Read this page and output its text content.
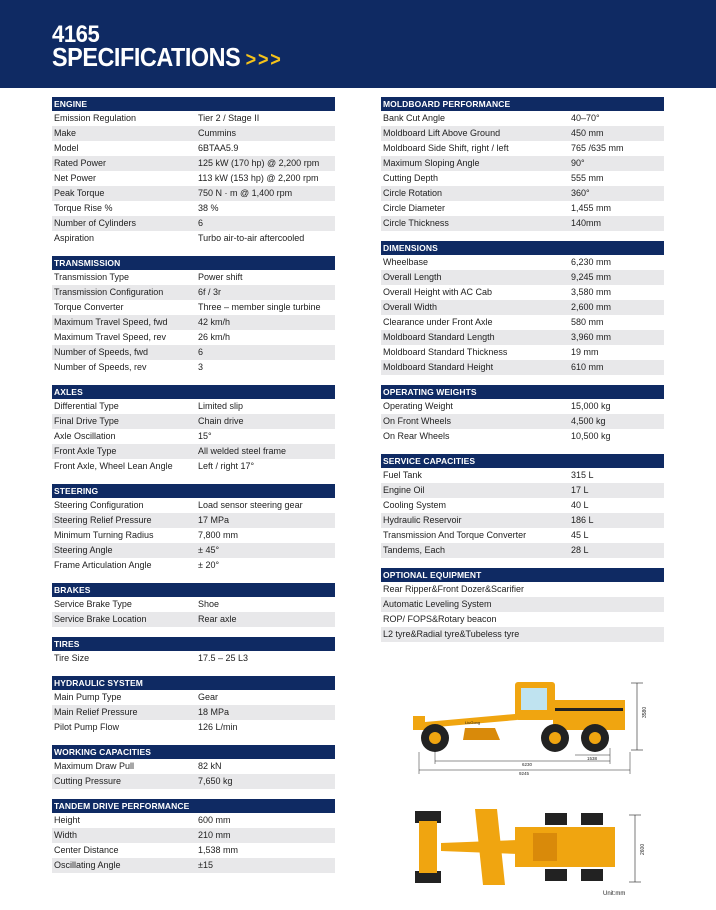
4165
SPECIFICATIONS >>>
ENGINE
Emission Regulation	Tier 2 / Stage II
Make	Cummins
Model	6BTAA5.9
Rated Power	125 kW (170 hp) @ 2,200 rpm
Net Power	113 kW (153 hp) @ 2,200 rpm
Peak Torque	750 N · m @ 1,400 rpm
Torque Rise %	38 %
Number of Cylinders	6
Aspiration	Turbo air-to-air aftercooled
TRANSMISSION
Transmission Type	Power shift
Transmission Configuration	6f / 3r
Torque Converter	Three – member single turbine
Maximum Travel Speed, fwd	42 km/h
Maximum Travel Speed, rev	26 km/h
Number of Speeds, fwd	6
Number of Speeds, rev	3
AXLES
Differential Type	Limited slip
Final Drive Type	Chain drive
Axle Oscillation	15°
Front Axle Type	All welded steel frame
Front Axle, Wheel Lean Angle	Left / right 17°
STEERING
Steering Configuration	Load sensor steering gear
Steering Relief Pressure	17 MPa
Minimum Turning Radius	7,800 mm
Steering Angle	± 45°
Frame Articulation Angle	± 20°
BRAKES
Service Brake Type	Shoe
Service Brake Location	Rear axle
TIRES
Tire Size	17.5 – 25 L3
HYDRAULIC SYSTEM
Main Pump Type	Gear
Main Relief Pressure	18 MPa
Pilot Pump Flow	126 L/min
WORKING CAPACITIES
Maximum Draw Pull	82 kN
Cutting Pressure	7,650 kg
TANDEM DRIVE PERFORMANCE
Height	600 mm
Width	210 mm
Center Distance	1,538 mm
Oscillating Angle	±15
MOLDBOARD PERFORMANCE
Bank Cut Angle	40–70°
Moldboard Lift Above Ground	450 mm
Moldboard Side Shift, right / left	765 /635 mm
Maximum Sloping Angle	90°
Cutting Depth	555 mm
Circle Rotation	360°
Circle Diameter	1,455 mm
Circle Thickness	140mm
DIMENSIONS
Wheelbase	6,230 mm
Overall Length	9,245 mm
Overall Height with AC Cab	3,580 mm
Overall Width	2,600 mm
Clearance under Front Axle	580 mm
Moldboard Standard Length	3,960 mm
Moldboard Standard Thickness	19 mm
Moldboard Standard Height	610 mm
OPERATING WEIGHTS
Operating Weight	15,000 kg
On Front Wheels	4,500 kg
On Rear Wheels	10,500 kg
SERVICE CAPACITIES
Fuel Tank	315 L
Engine Oil	17 L
Cooling System	40 L
Hydraulic Reservoir	186 L
Transmission And Torque Converter	45 L
Tandems, Each	28 L
OPTIONAL EQUIPMENT
Rear Ripper&Front Dozer&Scarifier
Automatic Leveling System
ROP/ FOPS&Rotary beacon
L2 tyre&Radial tyre&Tubeless tyre
LiuGong
3580
6230
1538
9245
2600
Unit:mm
